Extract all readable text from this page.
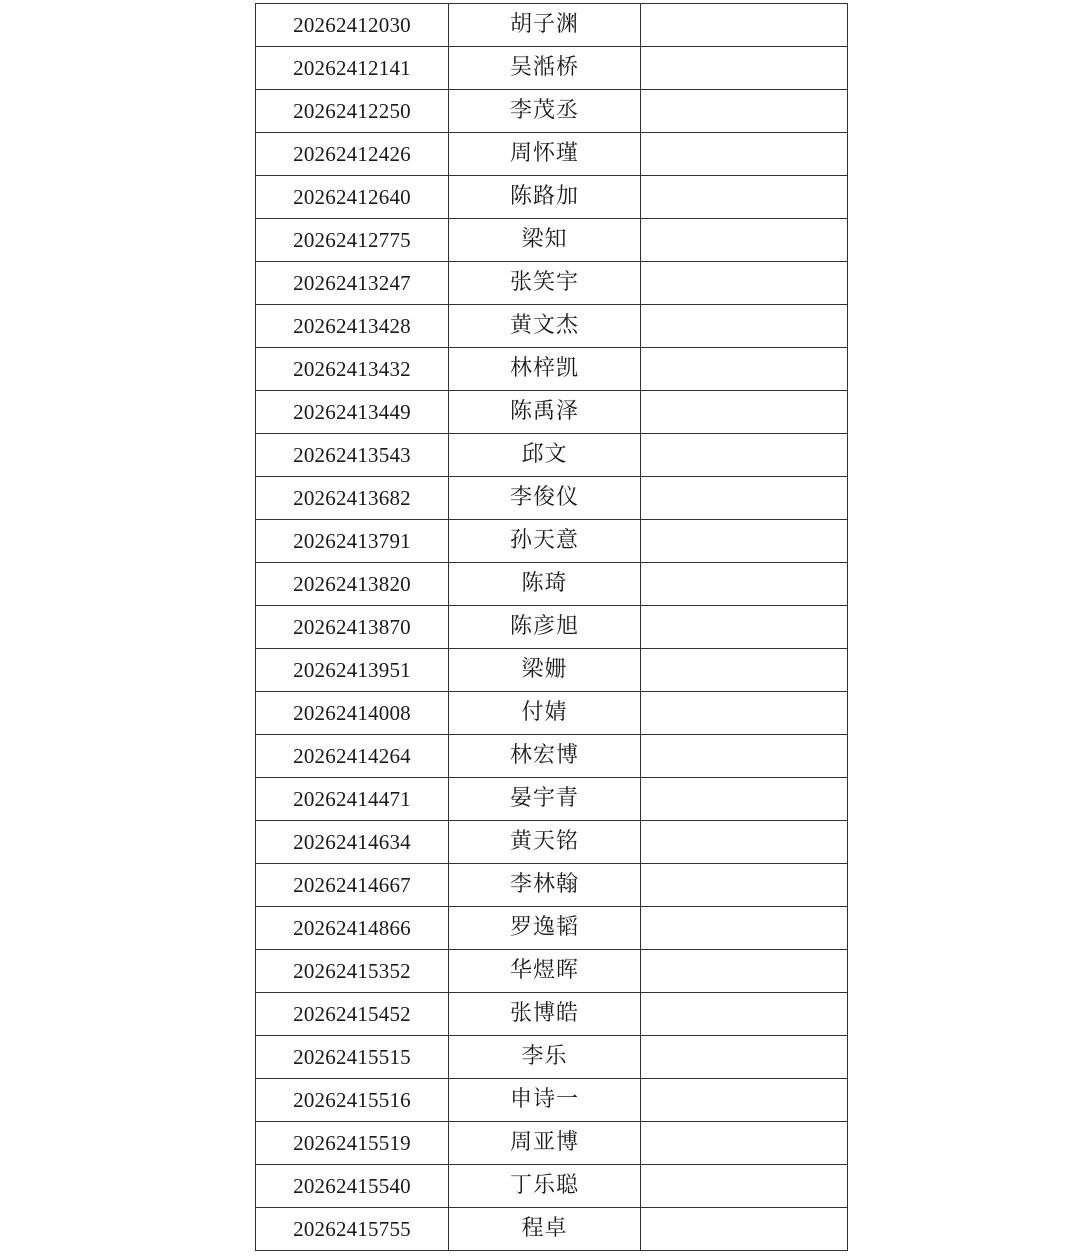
20262412030	胡子渊	
20262412141	吴湉桥	
20262412250	李茂丞	
20262412426	周怀瑾	
20262412640	陈路加	
20262412775	梁知	
20262413247	张笑宇	
20262413428	黄文杰	
20262413432	林梓凯	
20262413449	陈禹泽	
20262413543	邱文	
20262413682	李俊仪	
20262413791	孙天意	
20262413820	陈琦	
20262413870	陈彦旭	
20262413951	梁姗	
20262414008	付婧	
20262414264	林宏博	
20262414471	晏宇青	
20262414634	黄天铭	
20262414667	李林翰	
20262414866	罗逸韬	
20262415352	华煜晖	
20262415452	张博皓	
20262415515	李乐	
20262415516	申诗一	
20262415519	周亚博	
20262415540	丁乐聪	
20262415755	程卓	
